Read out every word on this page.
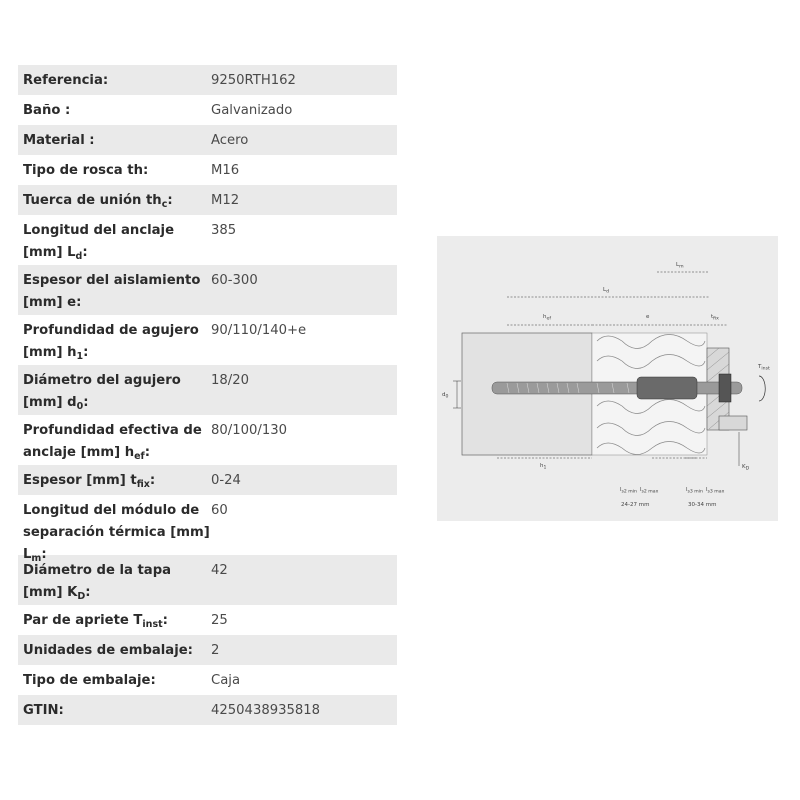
Referencia:	9250RTH162
Baño :	Galvanizado
Material :	Acero
Tipo de rosca th:	M16
Tuerca de unión $th_c$:	M12
Longitud del anclaje [mm] $L_d$:
385
Espesor del aislamiento [mm] e:
60-300
Profundidad de agujero [mm] $h_1$:
90/110/140+e
Diámetro del agujero [mm] $d_0$:
18/20
Profundidad efectiva de anclaje [mm] $h_{ef}$:
80/100/130
Espesor [mm] $t_{fix}$:	0-24
Longitud del módulo de separación térmica [mm] $L_m$:
60
Diámetro de la tapa [mm] $K_D$:
42
Par de apriete $T_{inst}$:	25
Unidades de embalaje:	2
Tipo de embalaje:	Caja
GTIN:	4250438935818
$L_m$
$L_d$
$h_{ef}$	e	$t_{fix}$
$T_{inst}$
$d_0$
$h_1$	$K_D$
$l_{s2 min}$ $l_{s2 max}$	$l_{s3 min}$ $l_{s3 max}$
24-27 mm	30-34 mm
